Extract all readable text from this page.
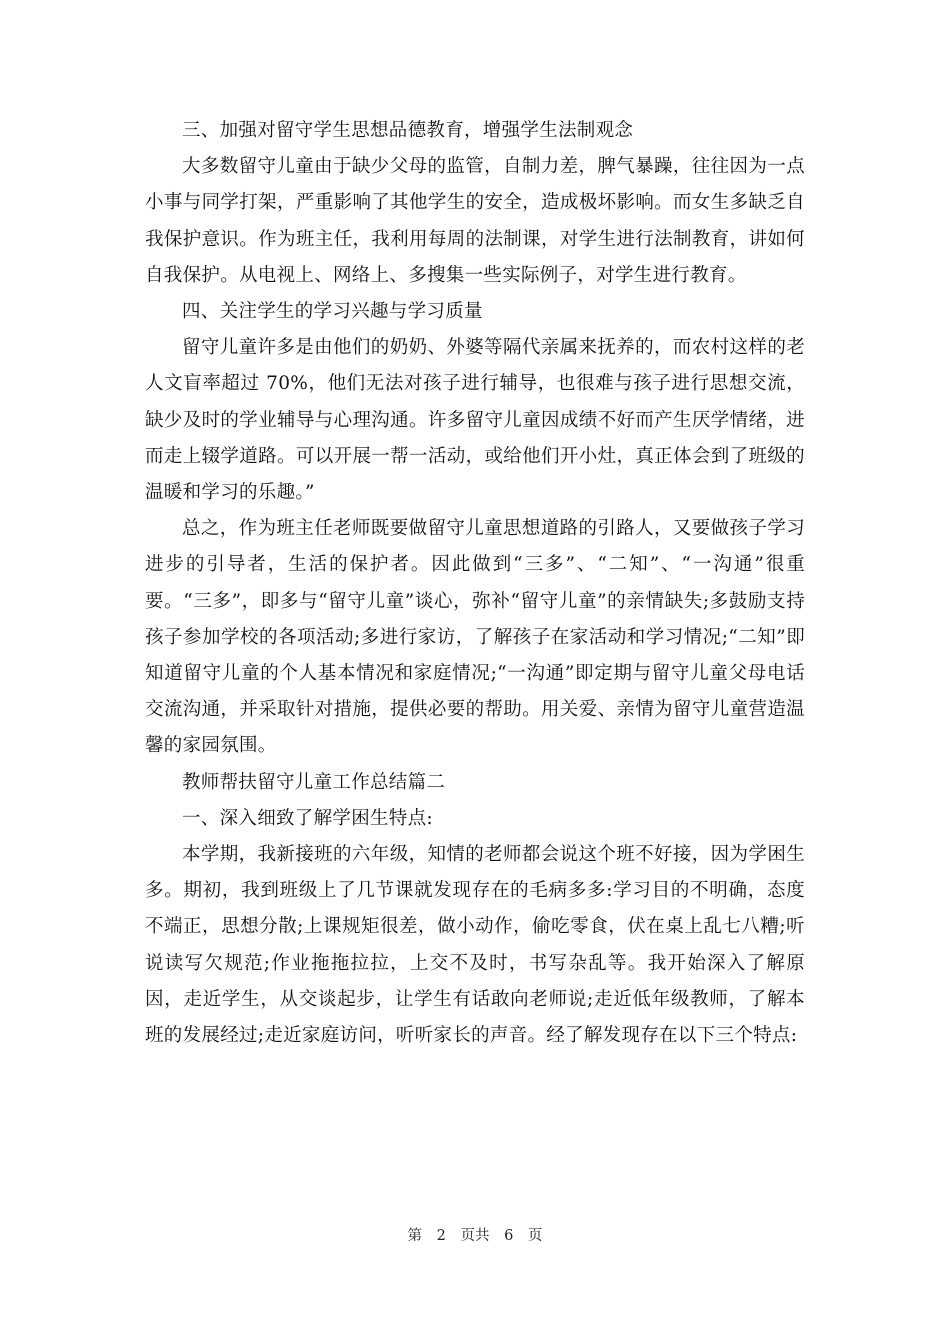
三、加强对留守学生思想品德教育，增强学生法制观念

大多数留守儿童由于缺少父母的监管，自制力差，脾气暴躁，往往因为一点小事与同学打架，严重影响了其他学生的安全，造成极坏影响。而女生多缺乏自我保护意识。作为班主任，我利用每周的法制课，对学生进行法制教育，讲如何自我保护。从电视上、网络上、多搜集一些实际例子，对学生进行教育。

四、关注学生的学习兴趣与学习质量

留守儿童许多是由他们的奶奶、外婆等隔代亲属来抚养的，而农村这样的老人文盲率超过 70%，他们无法对孩子进行辅导，也很难与孩子进行思想交流，缺少及时的学业辅导与心理沟通。许多留守儿童因成绩不好而产生厌学情绪，进而走上辍学道路。可以开展一帮一活动，或给他们开小灶，真正体会到了班级的温暖和学习的乐趣。”

总之，作为班主任老师既要做留守儿童思想道路的引路人，又要做孩子学习进步的引导者，生活的保护者。因此做到“三多”、“二知”、“一沟通”很重要。“三多”，即多与“留守儿童”谈心，弥补“留守儿童”的亲情缺失;多鼓励支持孩子参加学校的各项活动;多进行家访，了解孩子在家活动和学习情况;“二知”即知道留守儿童的个人基本情况和家庭情况;“一沟通”即定期与留守儿童父母电话交流沟通，并采取针对措施，提供必要的帮助。用关爱、亲情为留守儿童营造温馨的家园氛围。

教师帮扶留守儿童工作总结篇二

一、深入细致了解学困生特点:

本学期，我新接班的六年级，知情的老师都会说这个班不好接，因为学困生多。期初，我到班级上了几节课就发现存在的毛病多多:学习目的不明确，态度不端正，思想分散;上课规矩很差，做小动作，偷吃零食，伏在桌上乱七八糟;听说读写欠规范;作业拖拖拉拉，上交不及时，书写杂乱等。我开始深入了解原因，走近学生，从交谈起步，让学生有话敢向老师说;走近低年级教师，了解本班的发展经过;走近家庭访问，听听家长的声音。经了解发现存在以下三个特点:

第 2 页共 6 页
